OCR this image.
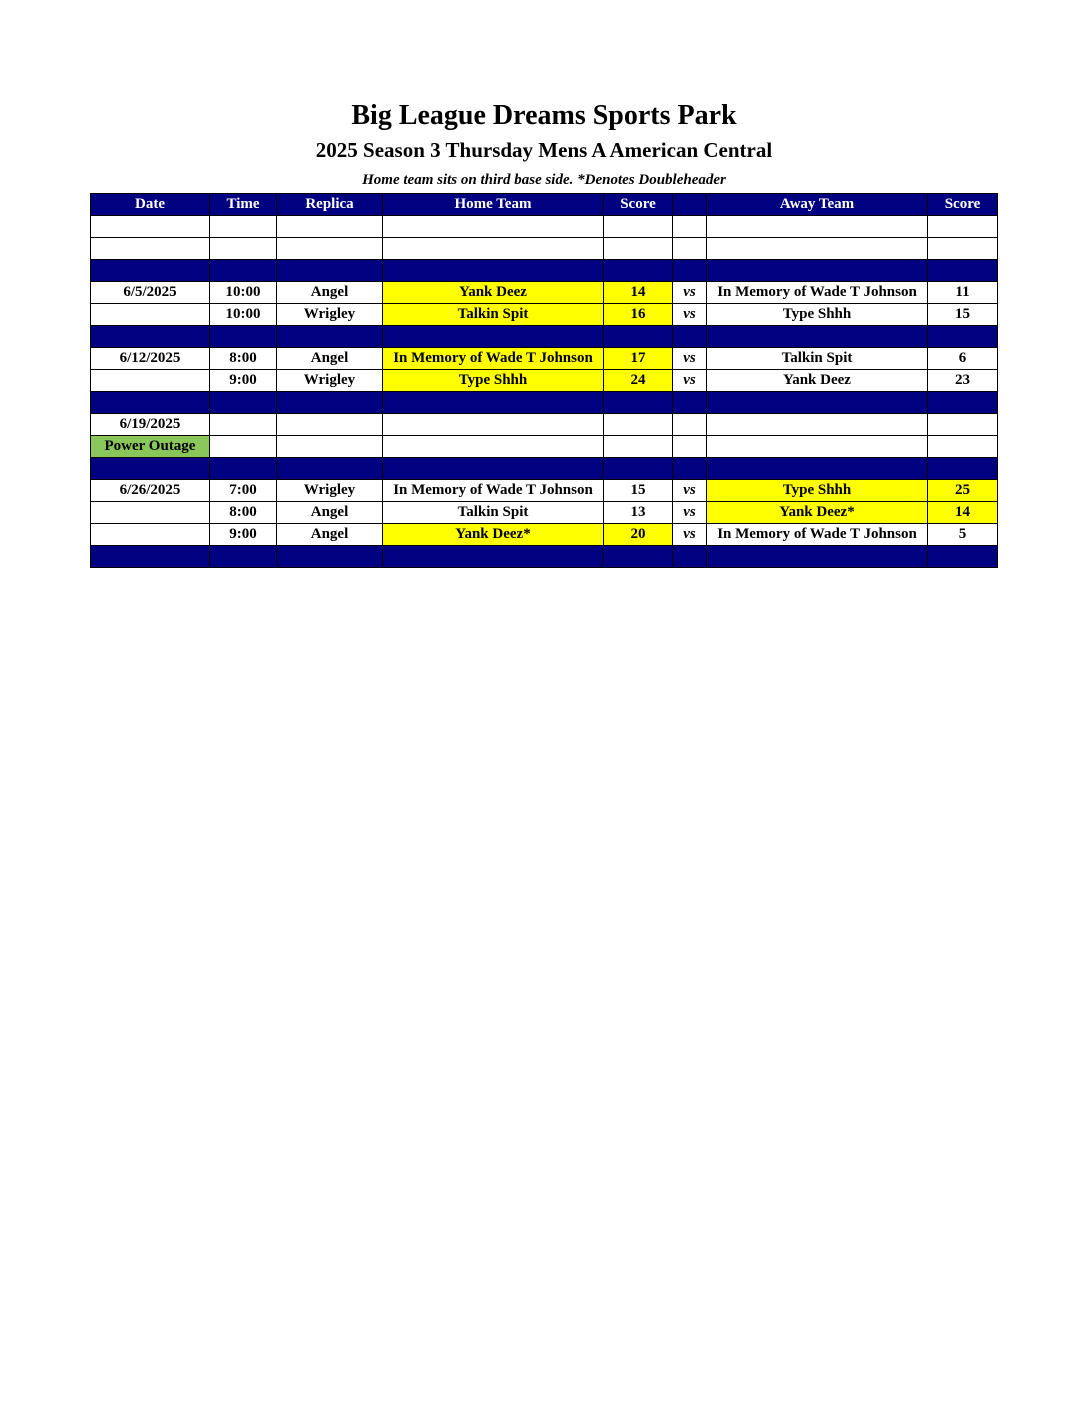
Big League Dreams Sports Park
2025 Season 3 Thursday Mens A American Central
Home team sits on third base side. *Denotes Doubleheader
Date	Time	Replica	Home Team	Score		Away Team	Score

6/5/2025	10:00	Angel	Yank Deez	14	vs	In Memory of Wade T Johnson	11
	10:00	Wrigley	Talkin Spit	16	vs	Type Shhh	15

6/12/2025	8:00	Angel	In Memory of Wade T Johnson	17	vs	Talkin Spit	6
	9:00	Wrigley	Type Shhh	24	vs	Yank Deez	23

6/19/2025							
Power Outage							

6/26/2025	7:00	Wrigley	In Memory of Wade T Johnson	15	vs	Type Shhh	25
	8:00	Angel	Talkin Spit	13	vs	Yank Deez*	14
	9:00	Angel	Yank Deez*	20	vs	In Memory of Wade T Johnson	5
